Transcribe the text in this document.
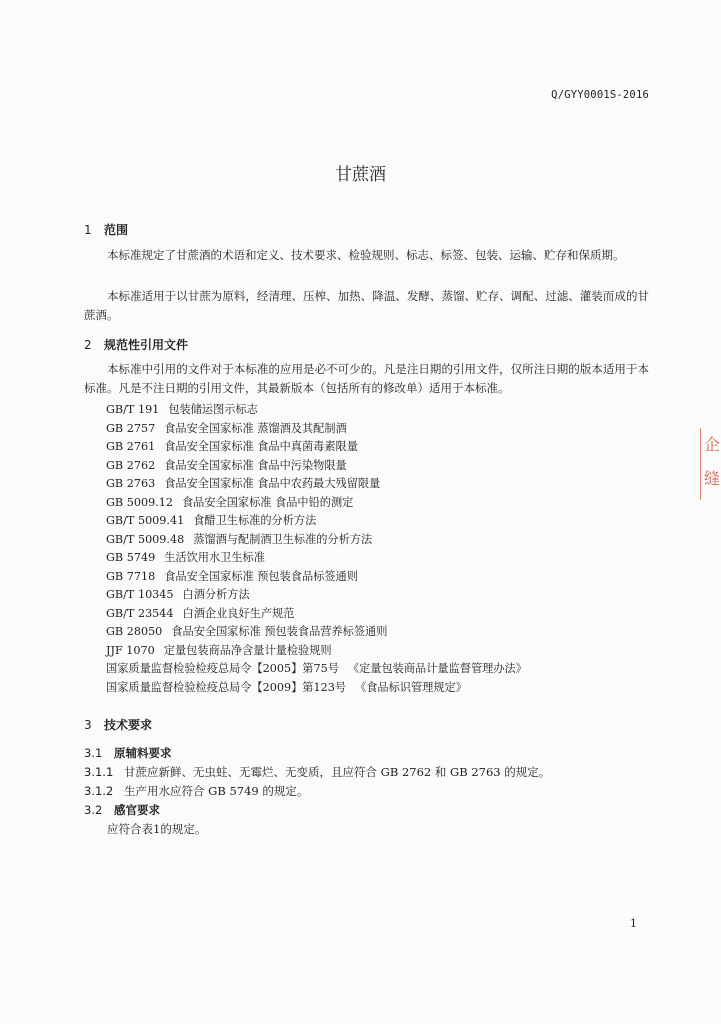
Q/GYY0001S-2016
甘蔗酒
1 范围
本标准规定了甘蔗酒的术语和定义、技术要求、检验规则、标志、标签、包装、运输、贮存和保质期。
本标准适用于以甘蔗为原料，经清理、压榨、加热、降温、发酵、蒸馏、贮存、调配、过滤、灌装而成的甘蔗酒。
2 规范性引用文件
本标准中引用的文件对于本标准的应用是必不可少的。凡是注日期的引用文件，仅所注日期的版本适用于本标准。凡是不注日期的引用文件，其最新版本（包括所有的修改单）适用于本标准。
GB/T 191 包装储运图示标志
GB 2757 食品安全国家标准 蒸馏酒及其配制酒
GB 2761 食品安全国家标准 食品中真菌毒素限量
GB 2762 食品安全国家标准 食品中污染物限量
GB 2763 食品安全国家标准 食品中农药最大残留限量
GB 5009.12 食品安全国家标准 食品中铅的测定
GB/T 5009.41 食醋卫生标准的分析方法
GB/T 5009.48 蒸馏酒与配制酒卫生标准的分析方法
GB 5749 生活饮用水卫生标准
GB 7718 食品安全国家标准 预包装食品标签通则
GB/T 10345 白酒分析方法
GB/T 23544 白酒企业良好生产规范
GB 28050 食品安全国家标准 预包装食品营养标签通则
JJF 1070 定量包装商品净含量计量检验规则
国家质量监督检验检疫总局令【2005】第75号 《定量包装商品计量监督管理办法》
国家质量监督检验检疫总局令【2009】第123号 《食品标识管理规定》
3 技术要求
3.1 原辅料要求
3.1.1 甘蔗应新鲜、无虫蛀、无霉烂、无变质，且应符合 GB 2762 和 GB 2763 的规定。
3.1.2 生产用水应符合 GB 5749 的规定。
3.2 感官要求
应符合表1的规定。
1
企
缝
